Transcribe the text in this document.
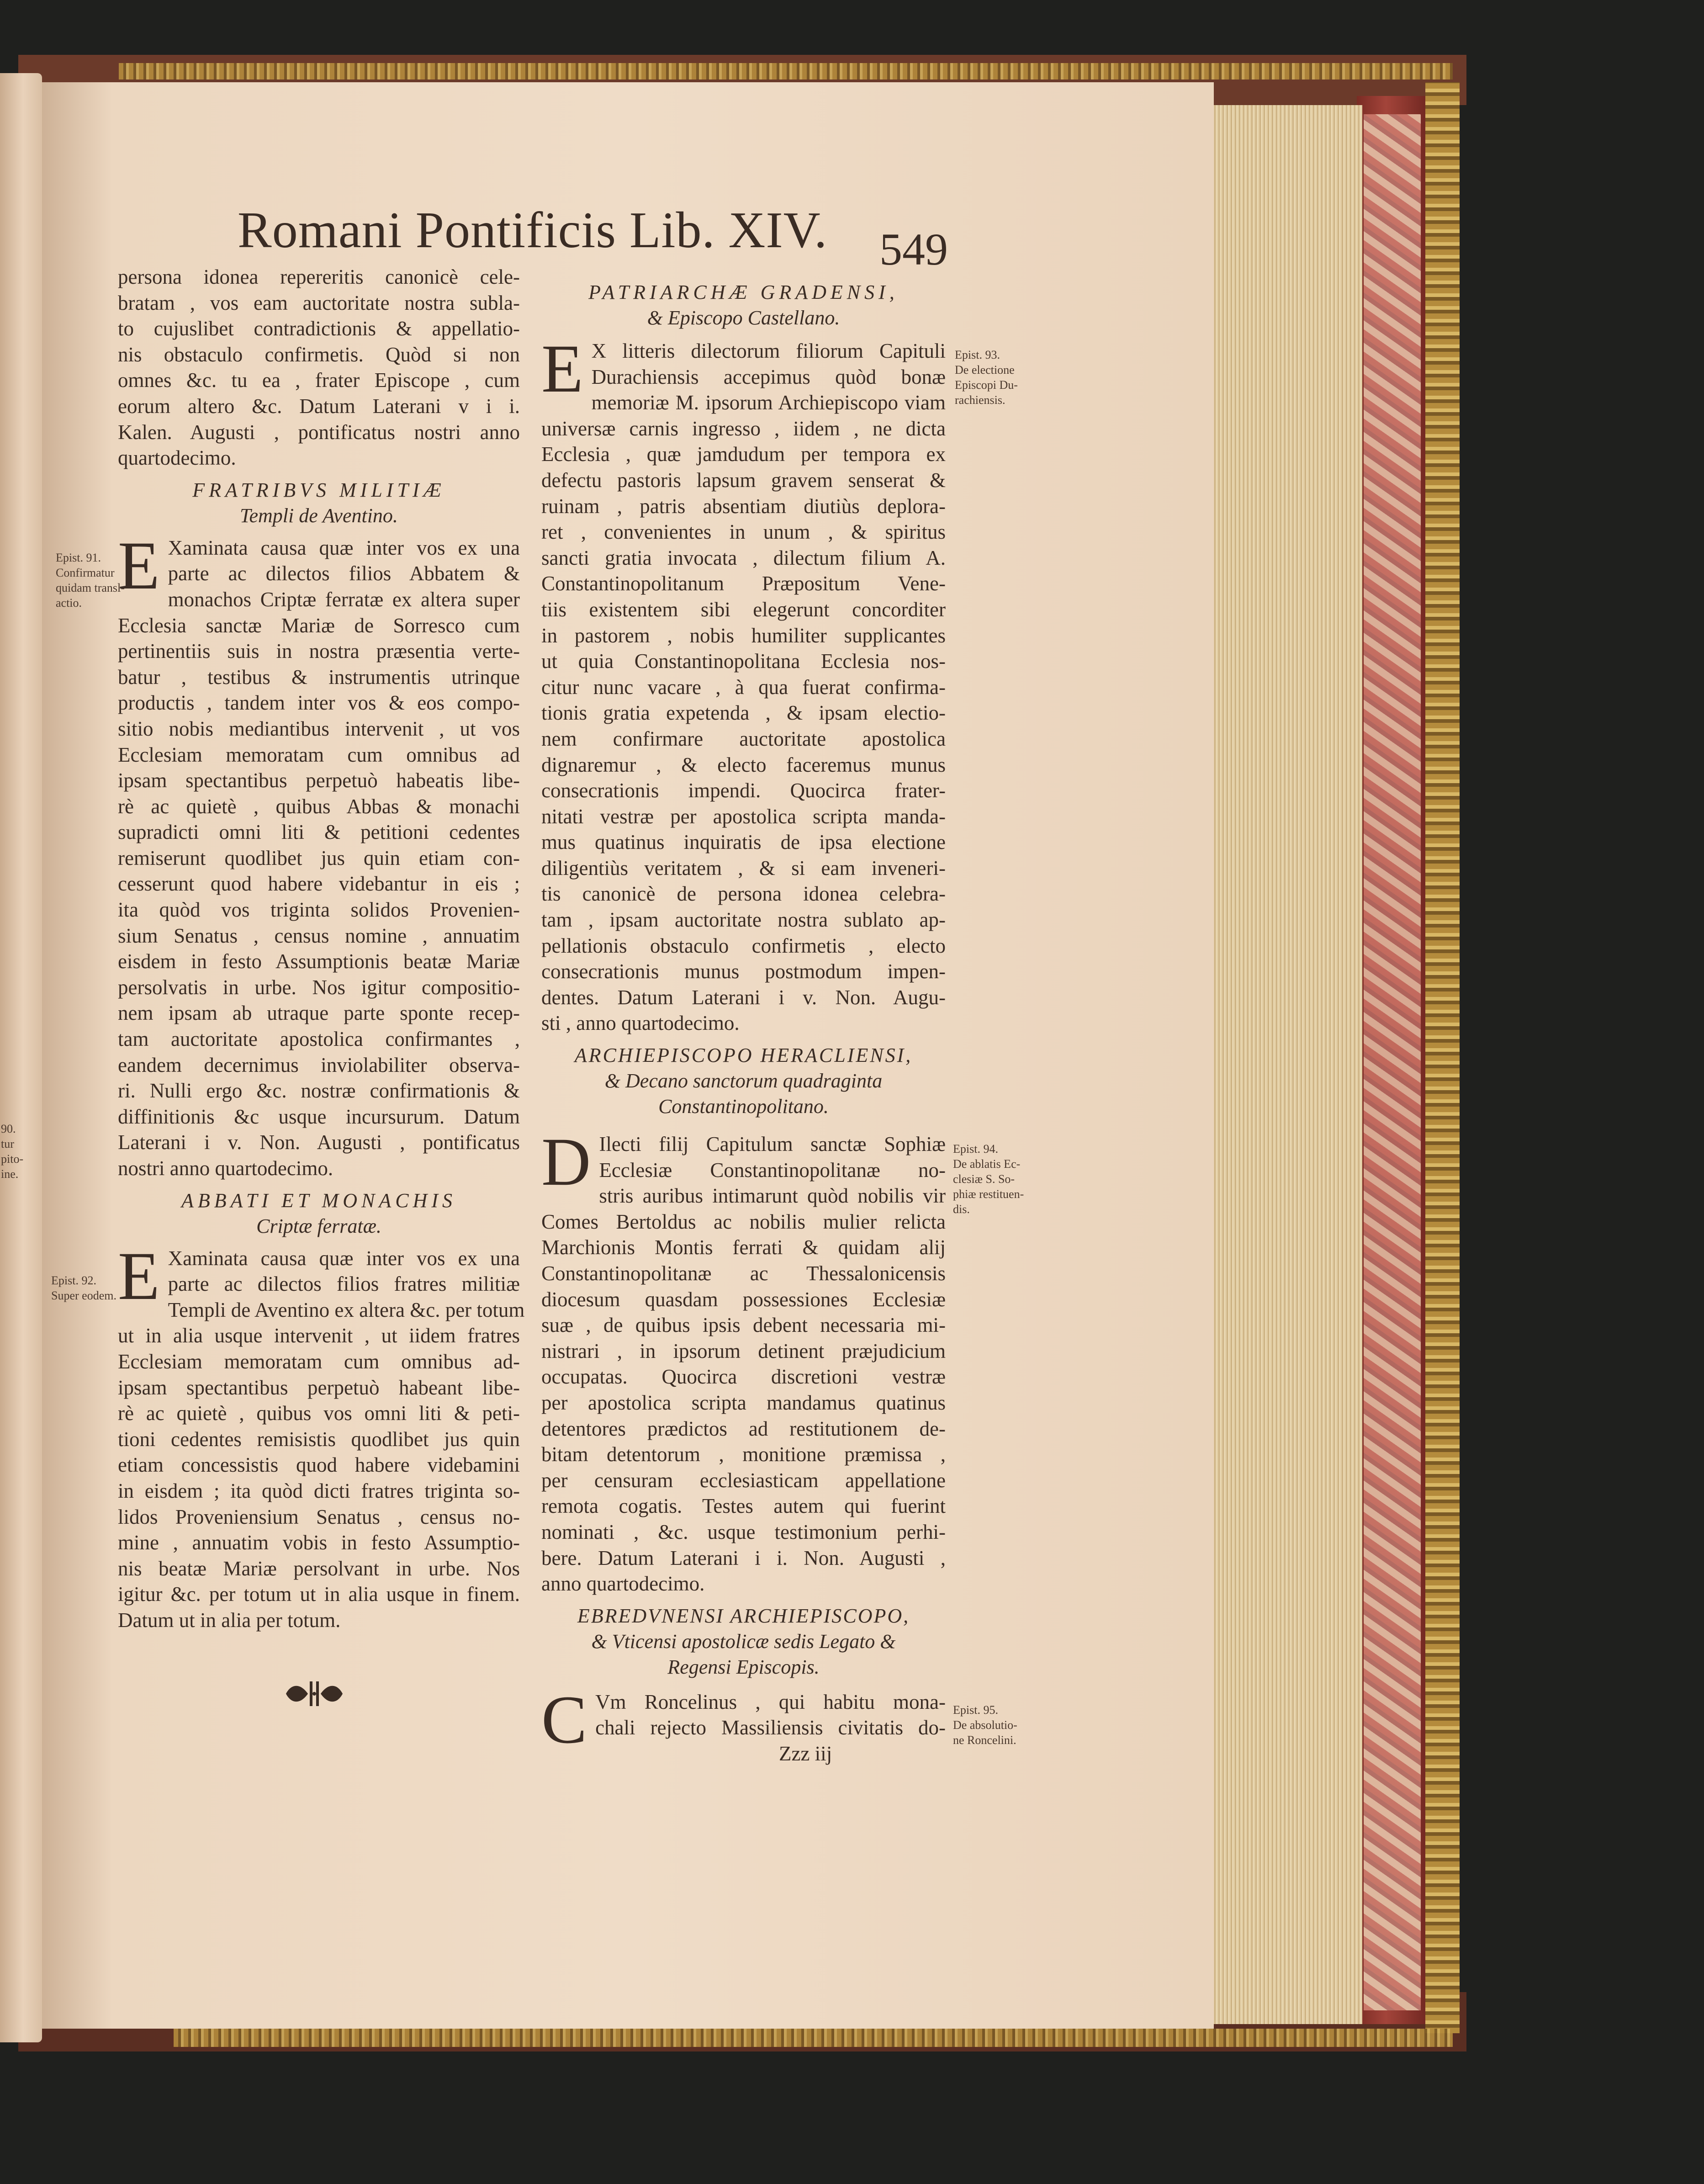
Romani Pontificis Lib. XIV. 549
persona idonea repereritis canonicè cele-
bratam , vos eam auctoritate nostra subla-
to cujuslibet contradictionis & appellatio-
nis obstaculo confirmetis. Quòd si non
omnes &c. tu ea , frater Episcope , cum
eorum altero &c. Datum Laterani v i i.
Kalen. Augusti , pontificatus nostri anno
quartodecimo.
FRATRIBVS MILITIÆ
Templi de Aventino.
E Xaminata causa quæ inter vos ex una
parte ac dilectos filios Abbatem &
monachos Criptæ ferratæ ex altera super
Ecclesia sanctæ Mariæ de Sorresco cum
pertinentiis suis in nostra præsentia verte-
batur , testibus & instrumentis utrinque
productis , tandem inter vos & eos compo-
sitio nobis mediantibus intervenit , ut vos
Ecclesiam memoratam cum omnibus ad
ipsam spectantibus perpetuò habeatis libe-
rè ac quietè , quibus Abbas & monachi
supradicti omni liti & petitioni cedentes
remiserunt quodlibet jus quin etiam con-
cesserunt quod habere videbantur in eis ;
ita quòd vos triginta solidos Provenien-
sium Senatus , census nomine , annuatim
eisdem in festo Assumptionis beatæ Mariæ
persolvatis in urbe. Nos igitur compositio-
nem ipsam ab utraque parte sponte recep-
tam auctoritate apostolica confirmantes ,
eandem decernimus inviolabiliter observa-
ri. Nulli ergo &c. nostræ confirmationis &
diffinitionis &c usque incursurum. Datum
Laterani i v. Non. Augusti , pontificatus
nostri anno quartodecimo.
ABBATI ET MONACHIS
Criptæ ferratæ.
E Xaminata causa quæ inter vos ex una
parte ac dilectos filios fratres militiæ
Templi de Aventino ex altera &c. per totum
ut in alia usque intervenit , ut iidem fratres
Ecclesiam memoratam cum omnibus ad-
ipsam spectantibus perpetuò habeant libe-
rè ac quietè , quibus vos omni liti & peti-
tioni cedentes remisistis quodlibet jus quin
etiam concessistis quod habere videbamini
in eisdem ; ita quòd dicti fratres triginta so-
lidos Proveniensium Senatus , census no-
mine , annuatim vobis in festo Assumptio-
nis beatæ Mariæ persolvant in urbe. Nos
igitur &c. per totum ut in alia usque in finem.
Datum ut in alia per totum.
PATRIARCHÆ GRADENSI,
& Episcopo Castellano.
E X litteris dilectorum filiorum Capituli
Durachiensis accepimus quòd bonæ
memoriæ M. ipsorum Archiepiscopo viam
universæ carnis ingresso , iidem , ne dicta
Ecclesia , quæ jamdudum per tempora ex
defectu pastoris lapsum gravem senserat &
ruinam , patris absentiam diutiùs deplora-
ret , convenientes in unum , & spiritus
sancti gratia invocata , dilectum filium A.
Constantinopolitanum Præpositum Vene-
tiis existentem sibi elegerunt concorditer
in pastorem , nobis humiliter supplicantes
ut quia Constantinopolitana Ecclesia nos-
citur nunc vacare , à qua fuerat confirma-
tionis gratia expetenda , & ipsam electio-
nem confirmare auctoritate apostolica
dignaremur , & electo faceremus munus
consecrationis impendi. Quocirca frater-
nitati vestræ per apostolica scripta manda-
mus quatinus inquiratis de ipsa electione
diligentiùs veritatem , & si eam inveneri-
tis canonicè de persona idonea celebra-
tam , ipsam auctoritate nostra sublato ap-
pellationis obstaculo confirmetis , electo
consecrationis munus postmodum impen-
dentes. Datum Laterani i v. Non. Augu-
sti , anno quartodecimo.
ARCHIEPISCOPO HERACLIENSI,
& Decano sanctorum quadraginta
Constantinopolitano.
D Ilecti filij Capitulum sanctæ Sophiæ
Ecclesiæ Constantinopolitanæ no-
stris auribus intimarunt quòd nobilis vir
Comes Bertoldus ac nobilis mulier relicta
Marchionis Montis ferrati & quidam alij
Constantinopolitanæ ac Thessalonicensis
diocesum quasdam possessiones Ecclesiæ
suæ , de quibus ipsis debent necessaria mi-
nistrari , in ipsorum detinent præjudicium
occupatas. Quocirca discretioni vestræ
per apostolica scripta mandamus quatinus
detentores prædictos ad restitutionem de-
bitam detentorum , monitione præmissa ,
per censuram ecclesiasticam appellatione
remota cogatis. Testes autem qui fuerint
nominati , &c. usque testimonium perhi-
bere. Datum Laterani i i. Non. Augusti ,
anno quartodecimo.
EBREDVNENSI ARCHIEPISCOPO,
& Vticensi apostolicæ sedis Legato &
Regensi Episcopis.
C Vm Roncelinus , qui habitu mona-
chali rejecto Massiliensis civitatis do-
Zzz iij
Epist. 91.
Confirmatur
quidam transl-
actio.
Epist. 92.
Super eodem.
Epist. 93.
De electione
Episcopi Du-
rachiensis.
Epist. 94.
De ablatis Ec-
clesiæ S. So-
phiæ restituen-
dis.
Epist. 95.
De absolutio-
ne Roncelini.
90.
tur
pito-
ine.
